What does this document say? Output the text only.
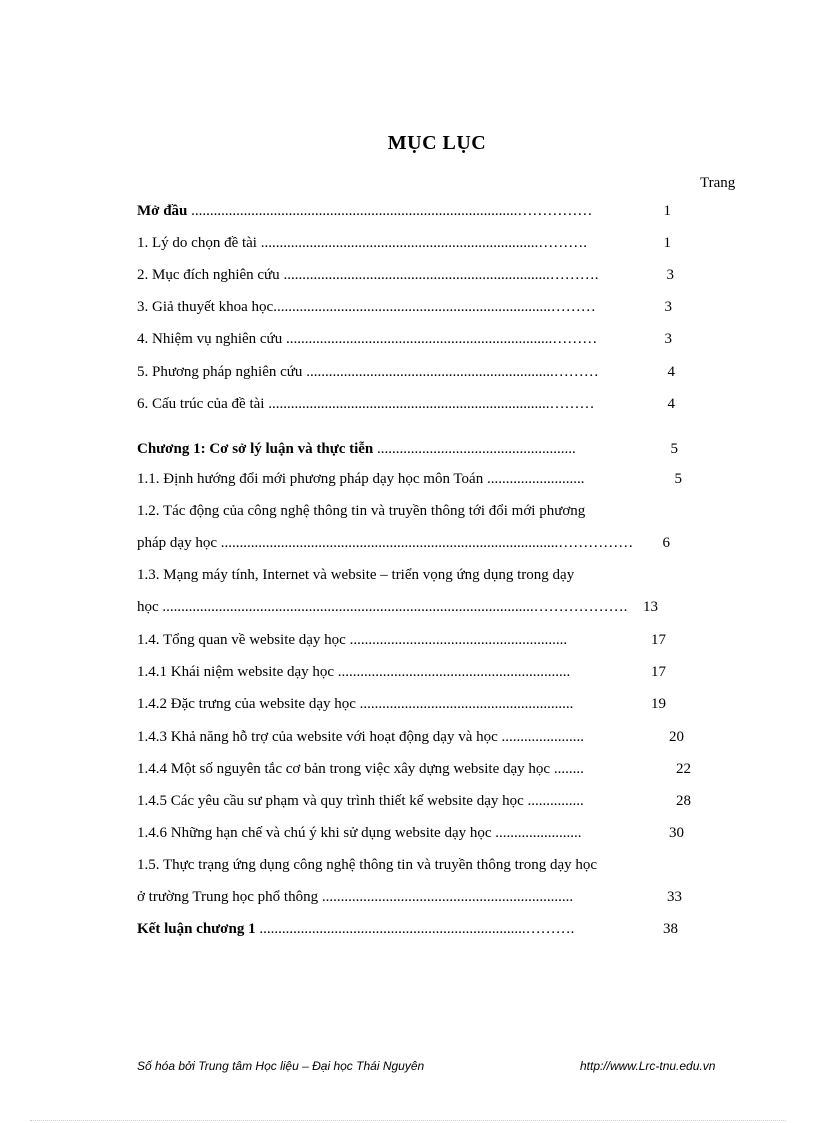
MỤC LỤC
Trang
Mở đầu .......................................................................................……………	1
1. Lý do chọn đề tài ..........................................................................……….	1
2. Mục đích nghiên cứu .......................................................................……….	3
3. Giả thuyết khoa học..........................................................................………	3
4. Nhiệm vụ nghiên cứu .......................................................................………	3
5. Phương pháp nghiên cứu ..................................................................………	4
6. Cấu trúc của đề tài ...........................................................................………	4
Chương 1: Cơ sở lý luận và thực tiễn .....................................................	5
1.1. Định hướng đổi mới phương pháp dạy học môn Toán ..........................	5
1.2. Tác động của công nghệ thông tin và truyền thông tới đổi mới phương
pháp dạy học ..........................................................................................……………	6
1.3. Mạng máy tính, Internet và website – triển vọng ứng dụng trong dạy
học ...................................................................................................……………….	13
1.4. Tổng quan về website dạy học ..........................................................	17
1.4.1 Khái niệm website dạy học ..............................................................	17
1.4.2 Đặc trưng của website dạy học .........................................................	19
1.4.3 Khả năng hỗ trợ của website với hoạt động dạy và học ......................	20
1.4.4 Một số nguyên tắc cơ bản trong việc xây dựng website dạy học ........	22
1.4.5 Các yêu cầu sư phạm và quy trình thiết kế website dạy học ...............	28
1.4.6 Những hạn chế và chú ý khi sử dụng website dạy học .......................	30
1.5. Thực trạng ứng dụng công nghệ thông tin và truyền thông trong dạy học
ở trường Trung học phổ thông ...................................................................	33
Kết luận chương 1 .......................................................................……….	38
Số hóa bởi Trung tâm Học liệu – Đại học Thái Nguyên	http://www.Lrc-tnu.edu.vn
